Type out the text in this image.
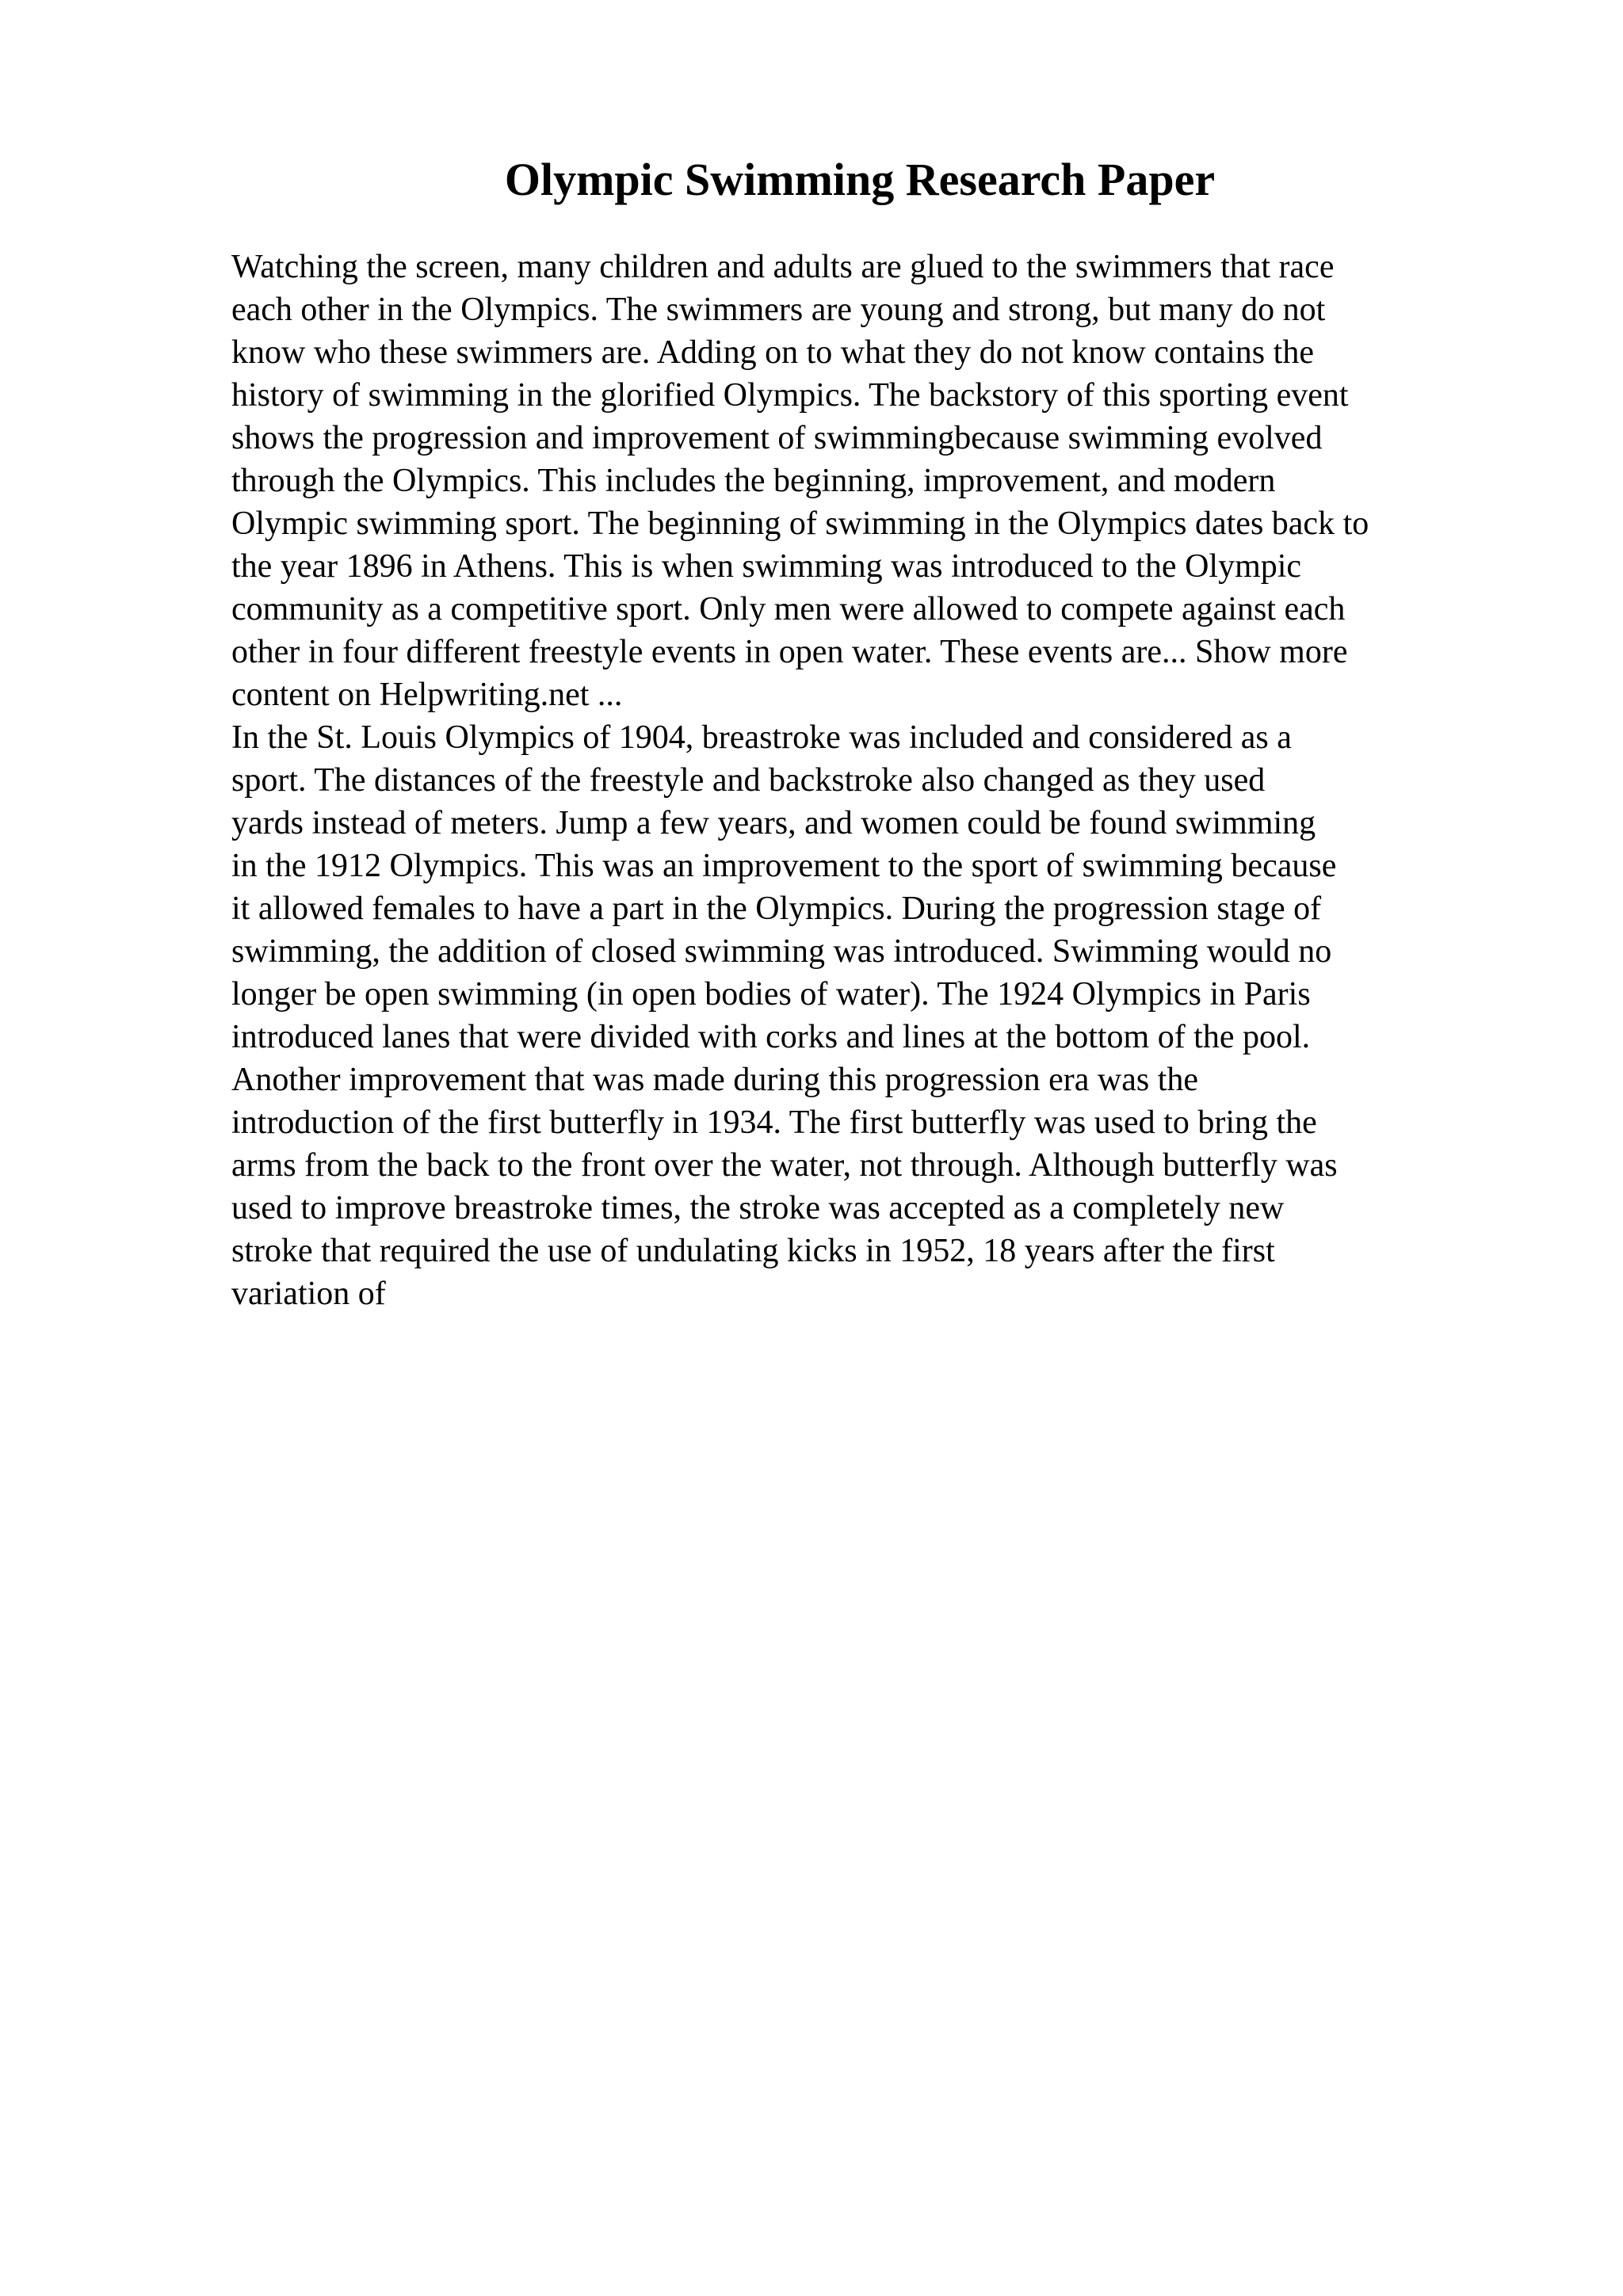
Olympic Swimming Research Paper
Watching the screen, many children and adults are glued to the swimmers that race
each other in the Olympics. The swimmers are young and strong, but many do not
know who these swimmers are. Adding on to what they do not know contains the
history of swimming in the glorified Olympics. The backstory of this sporting event
shows the progression and improvement of swimmingbecause swimming evolved
through the Olympics. This includes the beginning, improvement, and modern
Olympic swimming sport. The beginning of swimming in the Olympics dates back to
the year 1896 in Athens. This is when swimming was introduced to the Olympic
community as a competitive sport. Only men were allowed to compete against each
other in four different freestyle events in open water. These events are... Show more
content on Helpwriting.net ...
In the St. Louis Olympics of 1904, breastroke was included and considered as a
sport. The distances of the freestyle and backstroke also changed as they used
yards instead of meters. Jump a few years, and women could be found swimming
in the 1912 Olympics. This was an improvement to the sport of swimming because
it allowed females to have a part in the Olympics. During the progression stage of
swimming, the addition of closed swimming was introduced. Swimming would no
longer be open swimming (in open bodies of water). The 1924 Olympics in Paris
introduced lanes that were divided with corks and lines at the bottom of the pool.
Another improvement that was made during this progression era was the
introduction of the first butterfly in 1934. The first butterfly was used to bring the
arms from the back to the front over the water, not through. Although butterfly was
used to improve breastroke times, the stroke was accepted as a completely new
stroke that required the use of undulating kicks in 1952, 18 years after the first
variation of
